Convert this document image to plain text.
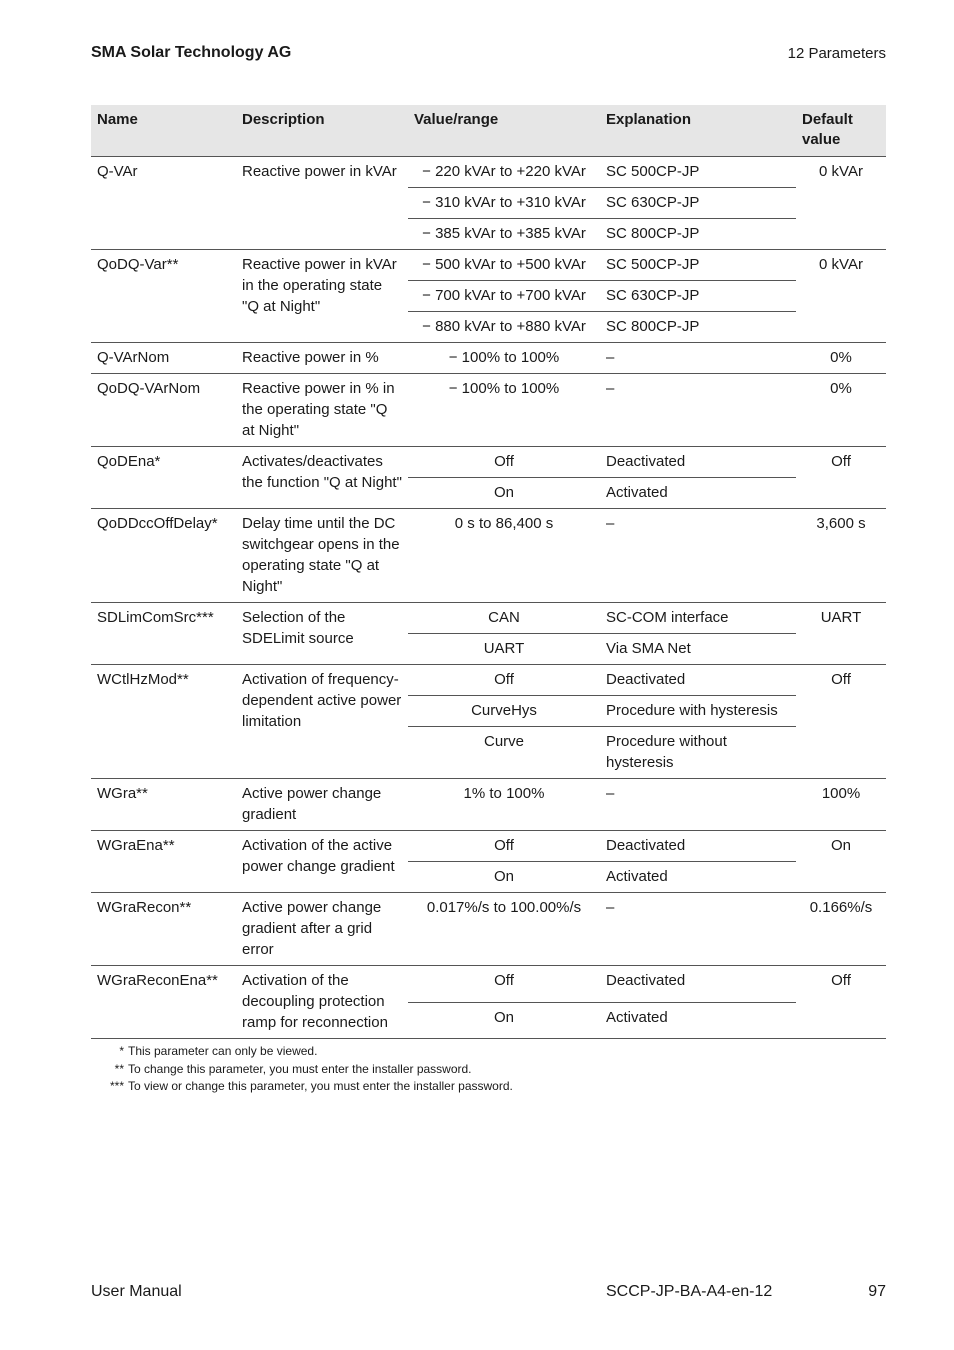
SMA Solar Technology AG	12 Parameters
Name	Description	Value/range	Explanation	Default value
Q-VAr	Reactive power in kVAr	− 220 kVAr to +220 kVAr	SC 500CP-JP	0 kVAr
		− 310 kVAr to +310 kVAr	SC 630CP-JP	
		− 385 kVAr to +385 kVAr	SC 800CP-JP	
QoDQ-Var**	Reactive power in kVAr in the operating state "Q at Night"	− 500 kVAr to +500 kVAr	SC 500CP-JP	0 kVAr
		− 700 kVAr to +700 kVAr	SC 630CP-JP	
		− 880 kVAr to +880 kVAr	SC 800CP-JP	
Q-VArNom	Reactive power in %	− 100% to 100%	–	0%
QoDQ-VArNom	Reactive power in % in the operating state "Q at Night"	− 100% to 100%	–	0%
QoDEna*	Activates/deactivates the function "Q at Night"	Off	Deactivated	Off
		On	Activated	
QoDDccOffDelay*	Delay time until the DC switchgear opens in the operating state "Q at Night"	0 s to 86,400 s	–	3,600 s
SDLimComSrc***	Selection of the SDELimit source	CAN	SC-COM interface	UART
		UART	Via SMA Net	
WCtlHzMod**	Activation of frequency-dependent active power limitation	Off	Deactivated	Off
		CurveHys	Procedure with hysteresis	
		Curve	Procedure without hysteresis	
WGra**	Active power change gradient	1% to 100%	–	100%
WGraEna**	Activation of the active power change gradient	Off	Deactivated	On
		On	Activated	
WGraRecon**	Active power change gradient after a grid error	0.017%/s to 100.00%/s	–	0.166%/s
WGraReconEna**	Activation of the decoupling protection ramp for reconnection	Off	Deactivated	Off
		On	Activated	
* This parameter can only be viewed.
** To change this parameter, you must enter the installer password.
*** To view or change this parameter, you must enter the installer password.
User Manual	SCCP-JP-BA-A4-en-12	97
